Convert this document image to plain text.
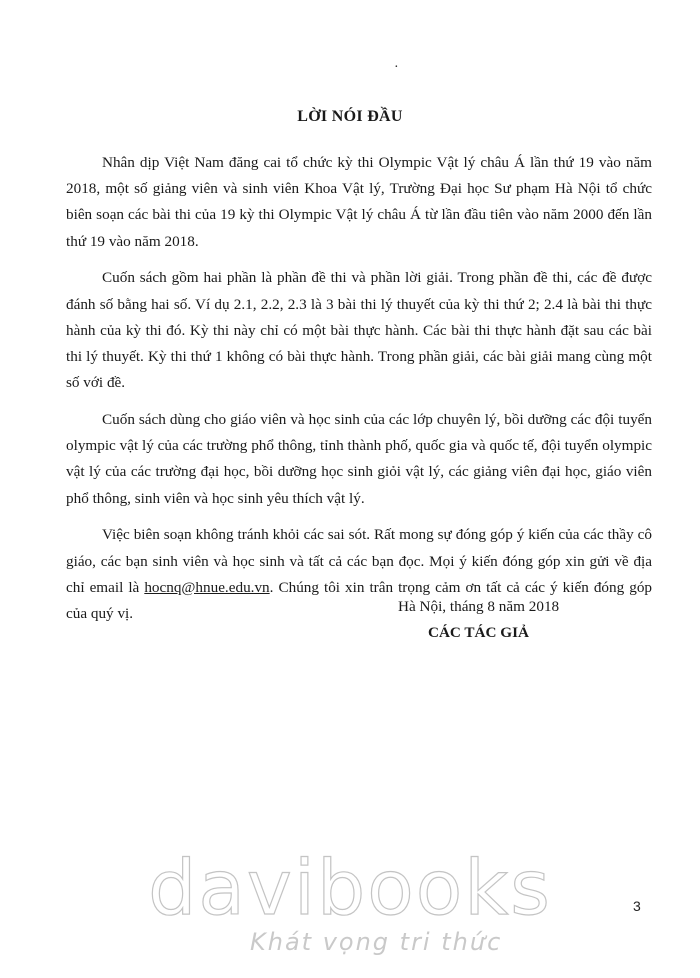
·
LỜI NÓI ĐẦU

Nhân dịp Việt Nam đăng cai tổ chức kỳ thi Olympic Vật lý châu Á lần thứ 19 vào năm 2018, một số giảng viên và sinh viên Khoa Vật lý, Trường Đại học Sư phạm Hà Nội tổ chức biên soạn các bài thi của 19 kỳ thi Olympic Vật lý châu Á từ lần đầu tiên vào năm 2000 đến lần thứ 19 vào năm 2018.

Cuốn sách gồm hai phần là phần đề thi và phần lời giải. Trong phần đề thi, các đề được đánh số bằng hai số. Ví dụ 2.1, 2.2, 2.3 là 3 bài thi lý thuyết của kỳ thi thứ 2; 2.4 là bài thi thực hành của kỳ thi đó. Kỳ thi này chỉ có một bài thực hành. Các bài thi thực hành đặt sau các bài thi lý thuyết. Kỳ thi thứ 1 không có bài thực hành. Trong phần giải, các bài giải mang cùng một số với đề.

Cuốn sách dùng cho giáo viên và học sinh của các lớp chuyên lý, bồi dưỡng các đội tuyển olympic vật lý của các trường phổ thông, tỉnh thành phố, quốc gia và quốc tế, đội tuyển olympic vật lý của các trường đại học, bồi dưỡng học sinh giỏi vật lý, các giảng viên đại học, giáo viên phổ thông, sinh viên và học sinh yêu thích vật lý.

Việc biên soạn không tránh khỏi các sai sót. Rất mong sự đóng góp ý kiến của các thầy cô giáo, các bạn sinh viên và học sinh và tất cả các bạn đọc. Mọi ý kiến đóng góp xin gửi về địa chỉ email là hocnq@hnue.edu.vn. Chúng tôi xin trân trọng cảm ơn tất cả các ý kiến đóng góp của quý vị.	Hà Nội, tháng 8 năm 2018
CÁC TÁC GIẢ
davibooks
Khát vọng tri thức
3
